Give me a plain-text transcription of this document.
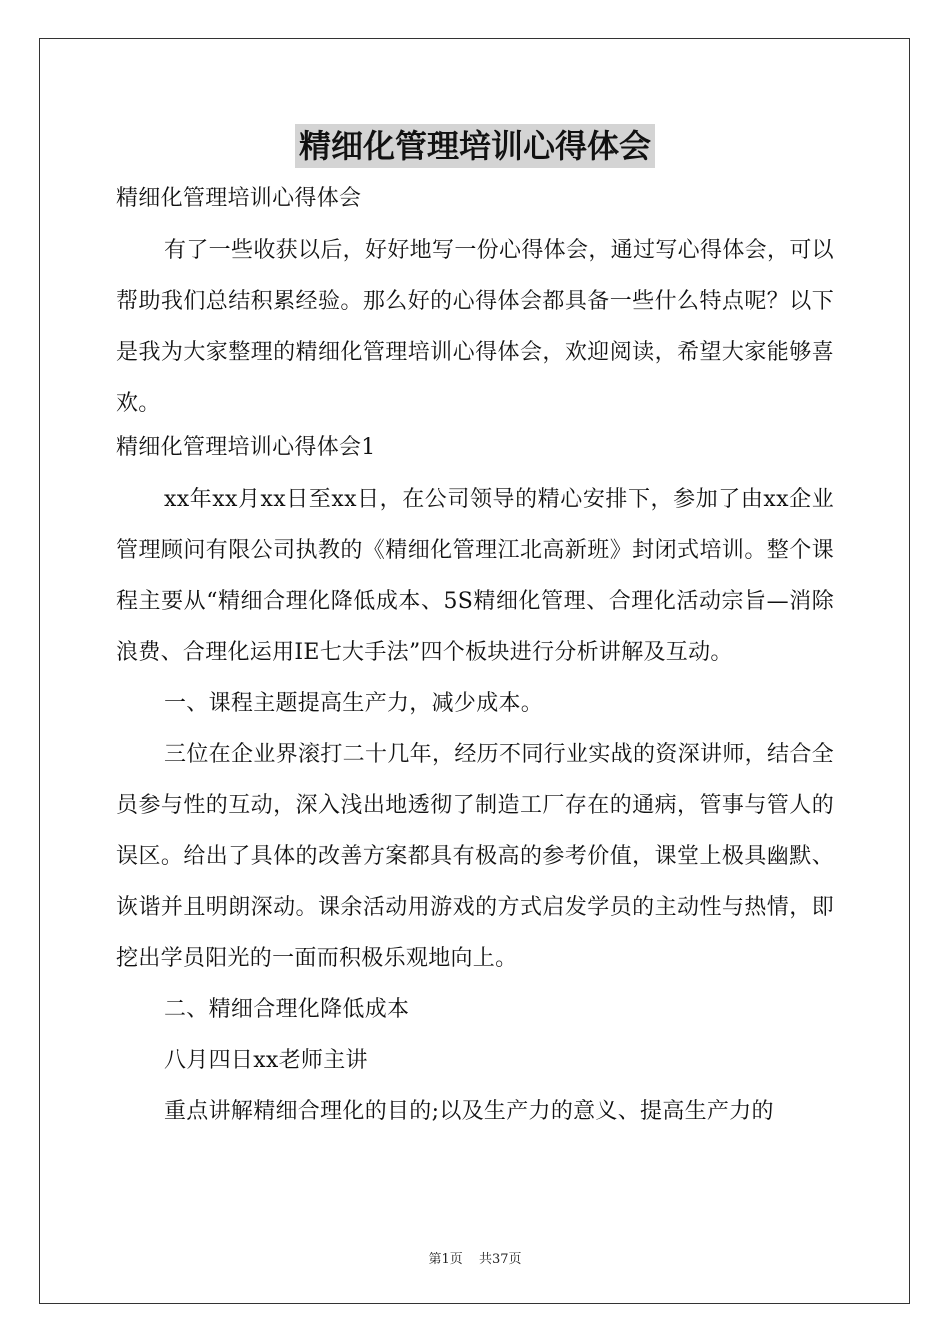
精细化管理培训心得体会

精细化管理培训心得体会

有了一些收获以后，好好地写一份心得体会，通过写心得体会，可以帮助我们总结积累经验。那么好的心得体会都具备一些什么特点呢？以下是我为大家整理的精细化管理培训心得体会，欢迎阅读，希望大家能够喜欢。

精细化管理培训心得体会1

xx年xx月xx日至xx日，在公司领导的精心安排下，参加了由xx企业管理顾问有限公司执教的《精细化管理江北高新班》封闭式培训。整个课程主要从“精细合理化降低成本、5S精细化管理、合理化活动宗旨—消除浪费、合理化运用IE七大手法”四个板块进行分析讲解及互动。

一、课程主题提高生产力，减少成本。

三位在企业界滚打二十几年，经历不同行业实战的资深讲师，结合全员参与性的互动，深入浅出地透彻了制造工厂存在的通病，管事与管人的误区。给出了具体的改善方案都具有极高的参考价值，课堂上极具幽默、诙谐并且明朗深动。课余活动用游戏的方式启发学员的主动性与热情，即挖出学员阳光的一面而积极乐观地向上。

二、精细合理化降低成本

八月四日xx老师主讲

重点讲解精细合理化的目的;以及生产力的意义、提高生产力的

第1页 共37页
